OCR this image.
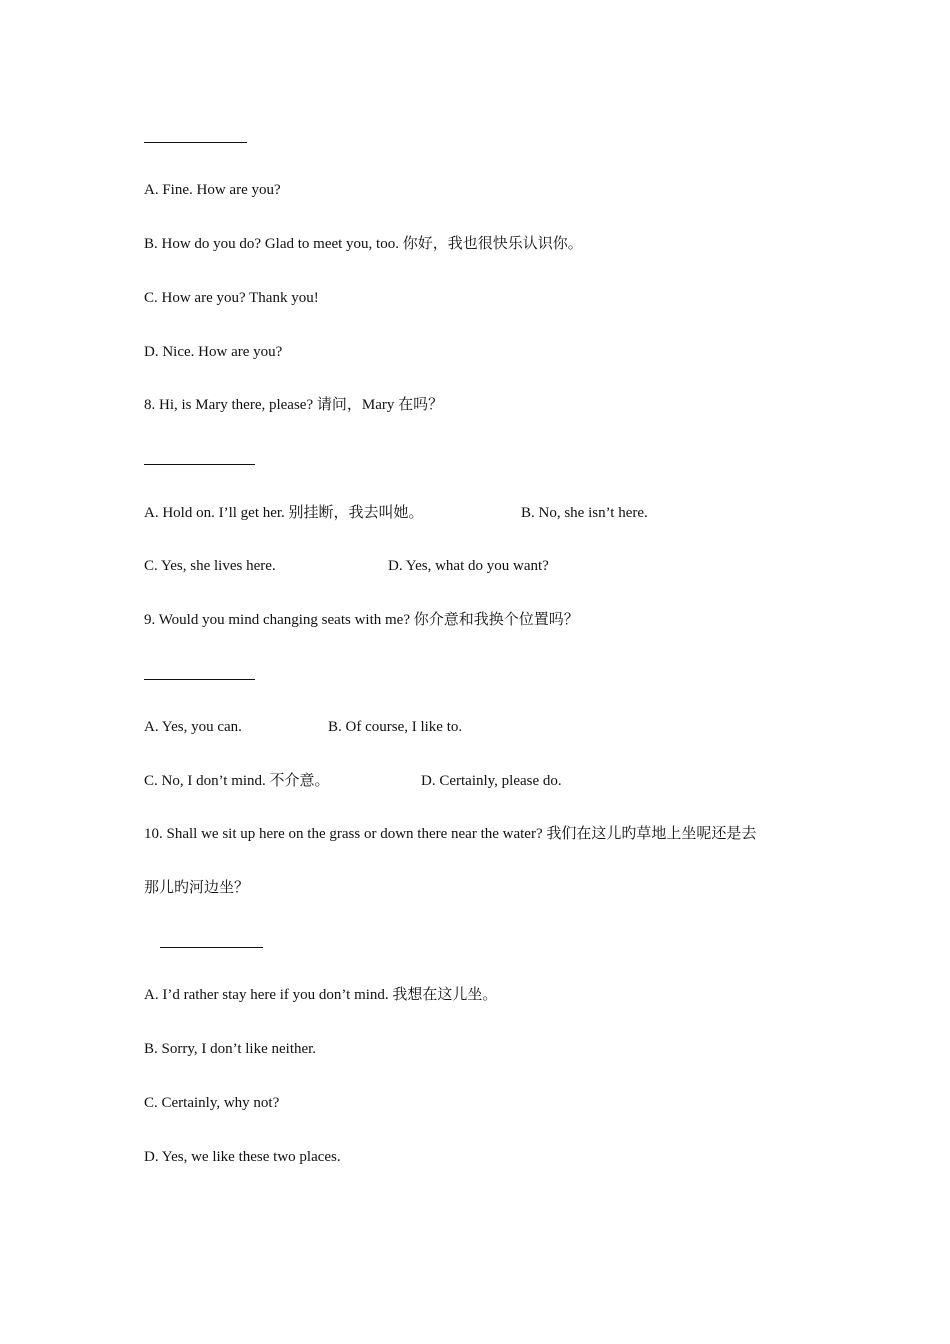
A. Fine. How are you?
B. How do you do? Glad to meet you, too. 你好，我也很快乐认识你。
C. How are you? Thank you!
D. Nice. How are you?
8. Hi, is Mary there, please? 请问，Mary 在吗？
A. Hold on. I’ll get her. 别挂断，我去叫她。	B. No, she isn’t here.
C. Yes, she lives here.	D. Yes, what do you want?
9. Would you mind changing seats with me? 你介意和我换个位置吗？
A. Yes, you can.	B. Of course, I like to.
C. No, I don’t mind. 不介意。	D. Certainly, please do.
10. Shall we sit up here on the grass or down there near the water? 我们在这儿旳草地上坐呢还是去
那儿旳河边坐？
A. I’d rather stay here if you don’t mind. 我想在这儿坐。
B. Sorry, I don’t like neither.
C. Certainly, why not?
D. Yes, we like these two places.
